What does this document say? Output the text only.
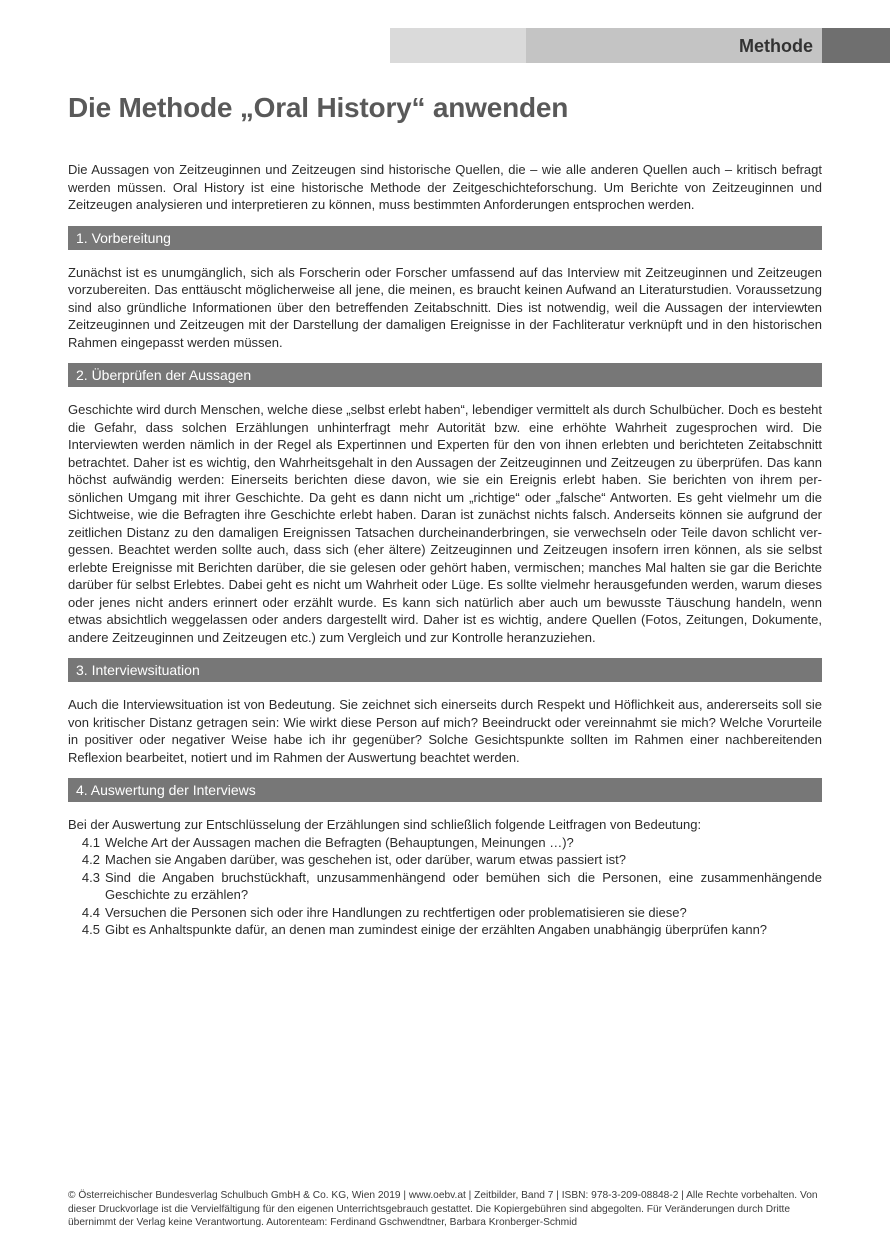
Methode
Die Methode „Oral History“ anwenden

Die Aussagen von Zeitzeuginnen und Zeitzeugen sind historische Quellen, die – wie alle anderen Quellen auch – kritisch befragt werden müssen. Oral History ist eine historische Methode der Zeitgeschichteforschung. Um Berichte von Zeitzeuginnen und Zeitzeugen analysieren und interpretieren zu können, muss bestimmten Anforderungen entsprochen werden.

1. Vorbereitung

Zunächst ist es unumgänglich, sich als Forscherin oder Forscher umfassend auf das Interview mit Zeitzeuginnen und Zeitzeugen vorzubereiten. Das enttäuscht möglicherweise all jene, die meinen, es braucht keinen Aufwand an Literaturstudien. Voraussetzung sind also gründliche Informationen über den betreffenden Zeitabschnitt. Dies ist notwendig, weil die Aussagen der interviewten Zeitzeuginnen und Zeitzeugen mit der Darstellung der damaligen Ereignisse in der Fachliteratur verknüpft und in den historischen Rahmen eingepasst werden müssen.

2. Überprüfen der Aussagen

Geschichte wird durch Menschen, welche diese „selbst erlebt haben“, lebendiger vermittelt als durch Schulbücher. Doch es besteht die Gefahr, dass solchen Erzählungen unhinterfragt mehr Autorität bzw. eine erhöhte Wahrheit zugesprochen wird. Die Interviewten werden nämlich in der Regel als Expertinnen und Experten für den von ihnen erlebten und berichteten Zeitabschnitt betrachtet. Daher ist es wichtig, den Wahrheitsgehalt in den Aussagen der Zeitzeuginnen und Zeitzeugen zu überprüfen. Das kann höchst aufwändig werden: Einerseits berichten diese davon, wie sie ein Ereignis erlebt haben. Sie berichten von ihrem persönlichen Umgang mit ihrer Geschichte. Da geht es dann nicht um „richtige“ oder „falsche“ Antworten. Es geht vielmehr um die Sichtweise, wie die Befragten ihre Geschichte erlebt haben. Daran ist zunächst nichts falsch. Anderseits können sie aufgrund der zeitlichen Distanz zu den damaligen Ereignissen Tatsachen durcheinanderbringen, sie verwechseln oder Teile davon schlicht vergessen. Beachtet werden sollte auch, dass sich (eher ältere) Zeitzeuginnen und Zeitzeugen insofern irren können, als sie selbst erlebte Ereignisse mit Berichten darüber, die sie gelesen oder gehört haben, vermischen; manches Mal halten sie gar die Berichte darüber für selbst Erlebtes. Dabei geht es nicht um Wahrheit oder Lüge. Es sollte vielmehr herausgefunden werden, warum dieses oder jenes nicht anders erinnert oder erzählt wurde. Es kann sich natürlich aber auch um bewusste Täuschung handeln, wenn etwas absichtlich weggelassen oder anders dargestellt wird. Daher ist es wichtig, andere Quellen (Fotos, Zeitungen, Dokumente, andere Zeitzeuginnen und Zeitzeugen etc.) zum Vergleich und zur Kontrolle heranzuziehen.

3. Interviewsituation

Auch die Interviewsituation ist von Bedeutung. Sie zeichnet sich einerseits durch Respekt und Höflichkeit aus, andererseits soll sie von kritischer Distanz getragen sein: Wie wirkt diese Person auf mich? Beeindruckt oder vereinnahmt sie mich? Welche Vorurteile in positiver oder negativer Weise habe ich ihr gegenüber? Solche Gesichtspunkte sollten im Rahmen einer nachbereitenden Reflexion bearbeitet, notiert und im Rahmen der Auswertung beachtet werden.

4. Auswertung der Interviews

Bei der Auswertung zur Entschlüsselung der Erzählungen sind schließlich folgende Leitfragen von Bedeutung:

4.1 Welche Art der Aussagen machen die Befragten (Behauptungen, Meinungen …)?
4.2 Machen sie Angaben darüber, was geschehen ist, oder darüber, warum etwas passiert ist?
4.3 Sind die Angaben bruchstückhaft, unzusammenhängend oder bemühen sich die Personen, eine zusammenhängende Geschichte zu erzählen?
4.4 Versuchen die Personen sich oder ihre Handlungen zu rechtfertigen oder problematisieren sie diese?
4.5 Gibt es Anhaltspunkte dafür, an denen man zumindest einige der erzählten Angaben unabhängig überprüfen kann?
© Österreichischer Bundesverlag Schulbuch GmbH & Co. KG, Wien 2019 | www.oebv.at | Zeitbilder, Band 7 | ISBN: 978-3-209-08848-2 | Alle Rechte vorbehalten. Von dieser Druckvorlage ist die Vervielfältigung für den eigenen Unterrichtsgebrauch gestattet. Die Kopiergebühren sind abgegolten. Für Veränderungen durch Dritte übernimmt der Verlag keine Verantwortung. Autorenteam: Ferdinand Gschwendtner, Barbara Kronberger-Schmid
